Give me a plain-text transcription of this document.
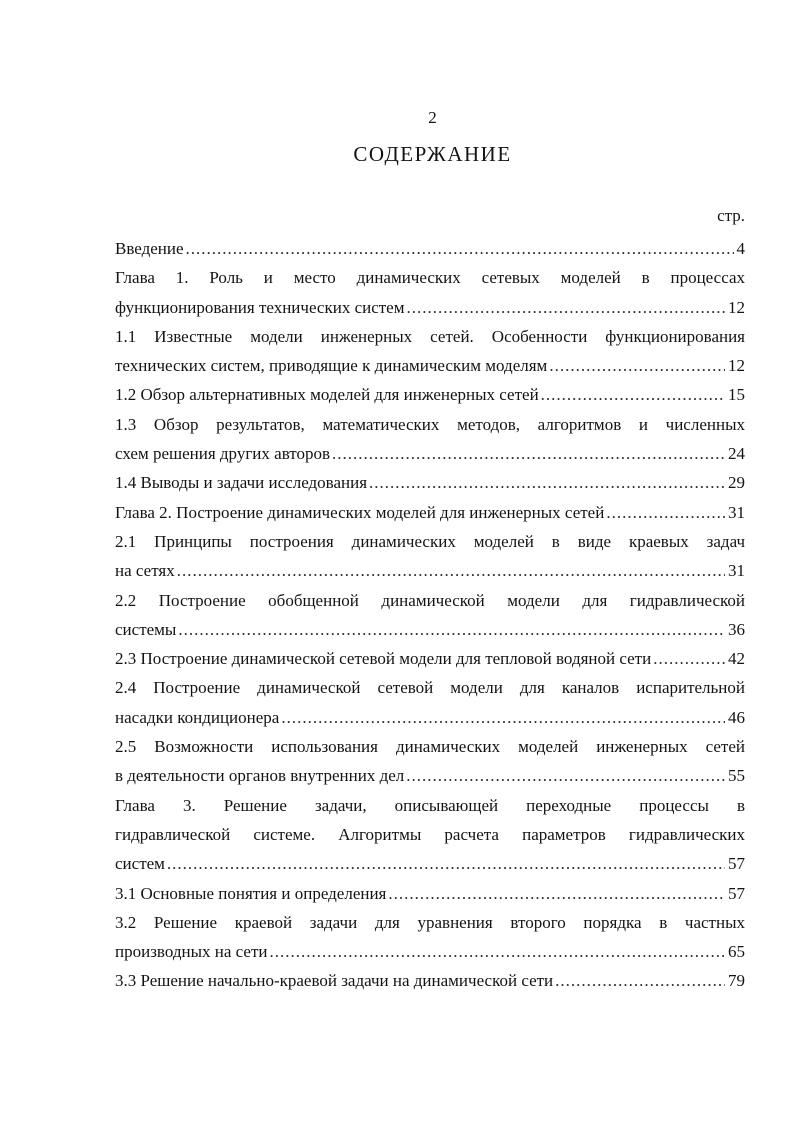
2
СОДЕРЖАНИЕ
стр.
Введение .....	4
Глава 1. Роль и место динамических сетевых моделей в процессах
функционирования технических систем .....	12
1.1 Известные модели инженерных сетей. Особенности функционирования
технических систем, приводящие к динамическим моделям .....	12
1.2 Обзор альтернативных моделей для инженерных сетей .....	15
1.3 Обзор результатов, математических методов, алгоритмов и численных
схем решения других авторов .....	24
1.4 Выводы и задачи исследования .....	29
Глава 2. Построение динамических моделей для инженерных сетей .....	31
2.1 Принципы построения динамических моделей в виде краевых задач
на сетях .....	31
2.2 Построение обобщенной динамической модели для гидравлической
системы .....	36
2.3 Построение динамической сетевой модели для тепловой водяной сети .....	42
2.4 Построение динамической сетевой модели для каналов испарительной
насадки кондиционера .....	46
2.5 Возможности использования динамических моделей инженерных сетей
в деятельности органов внутренних дел .....	55
Глава 3. Решение задачи, описывающей переходные процессы в
гидравлической системе. Алгоритмы расчета параметров гидравлических
систем .....	57
3.1 Основные понятия и определения .....	57
3.2 Решение краевой задачи для уравнения второго порядка в частных
производных на сети .....	65
3.3 Решение начально-краевой задачи на динамической сети .....	79
